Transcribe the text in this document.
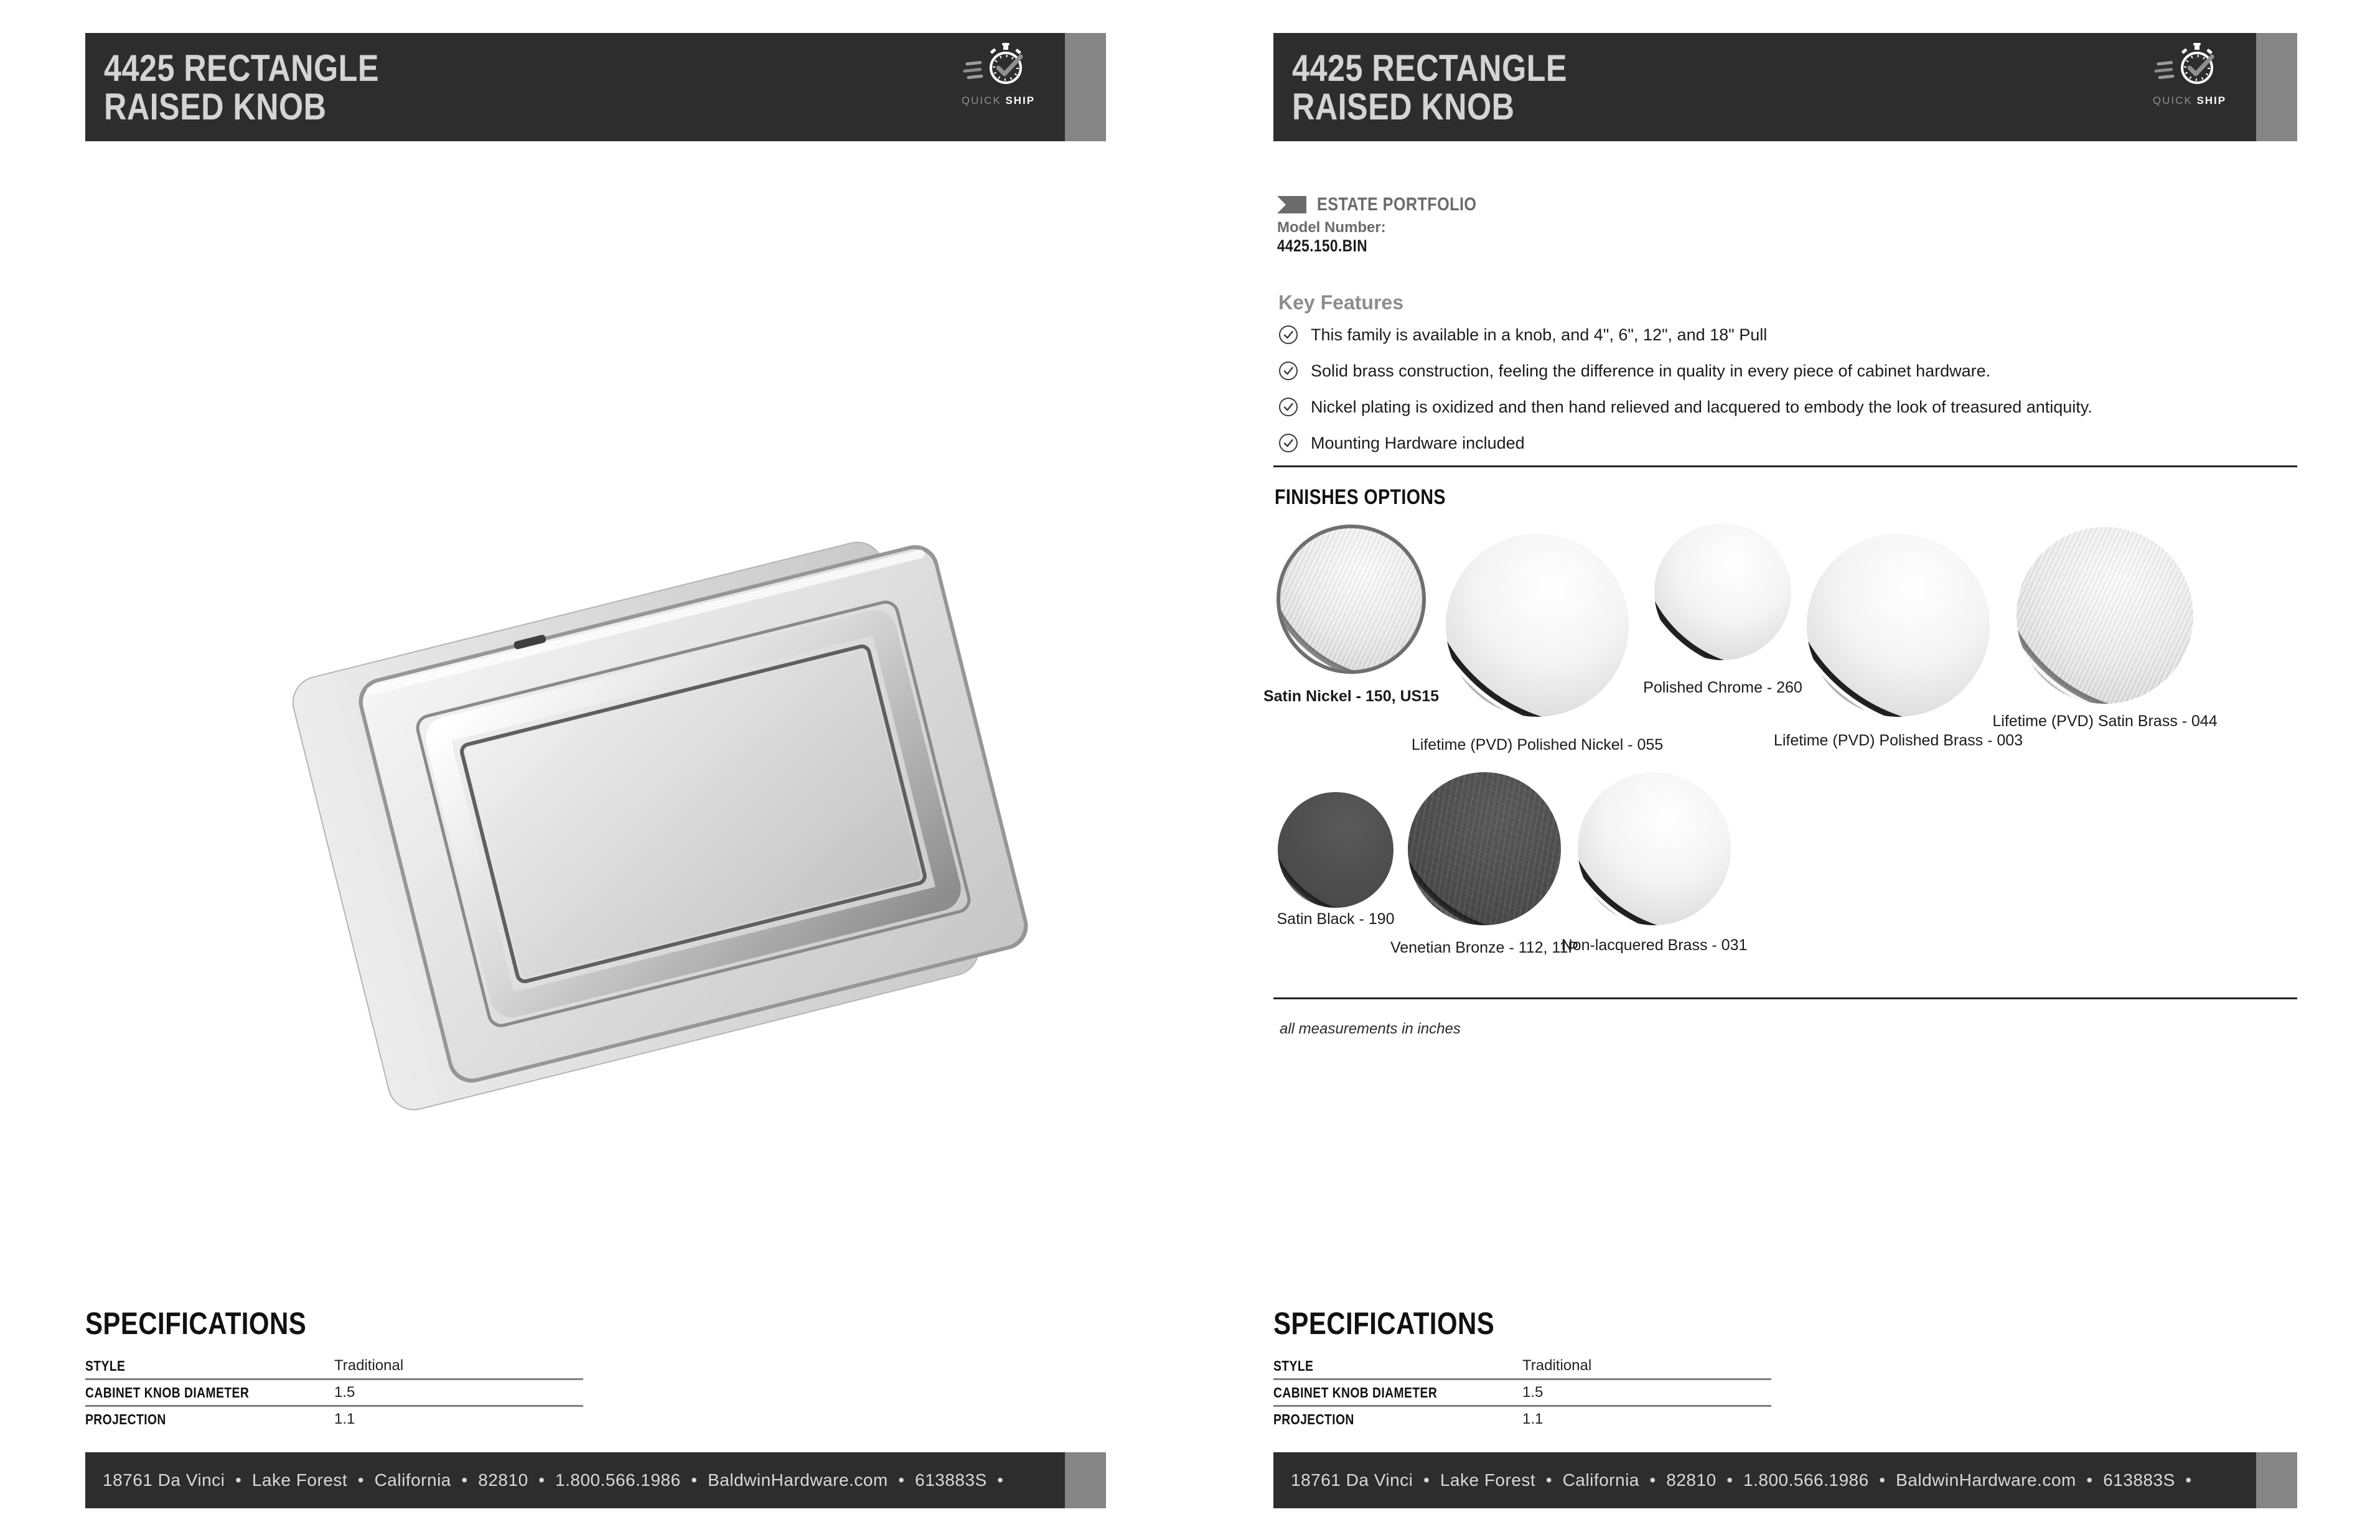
4425 RECTANGLE
RAISED KNOB	QUICK SHIP
SPECIFICATIONS
STYLE	Traditional
CABINET KNOB DIAMETER	1.5
PROJECTION	1.1
18761 Da Vinci  •  Lake Forest  •  California  •  82810  •  1.800.566.1986  •  BaldwinHardware.com  •  613883S  •
4425 RECTANGLE
RAISED KNOB	QUICK SHIP
ESTATE PORTFOLIO
Model Number:
4425.150.BIN
Key Features
This family is available in a knob, and 4", 6", 12", and 18" Pull
Solid brass construction, feeling the difference in quality in every piece of cabinet hardware.
Nickel plating is oxidized and then hand relieved and lacquered to embody the look of treasured antiquity.
Mounting Hardware included
FINISHES OPTIONS
Satin Nickel - 150, US15
Lifetime (PVD) Polished Nickel - 055
Polished Chrome - 260
Lifetime (PVD) Polished Brass - 003
Lifetime (PVD) Satin Brass - 044
Satin Black - 190
Venetian Bronze - 112, 11P
Non-lacquered Brass - 031

all measurements in inches

SPECIFICATIONS
STYLE	Traditional
CABINET KNOB DIAMETER	1.5
PROJECTION	1.1
18761 Da Vinci  •  Lake Forest  •  California  •  82810  •  1.800.566.1986  •  BaldwinHardware.com  •  613883S  •
